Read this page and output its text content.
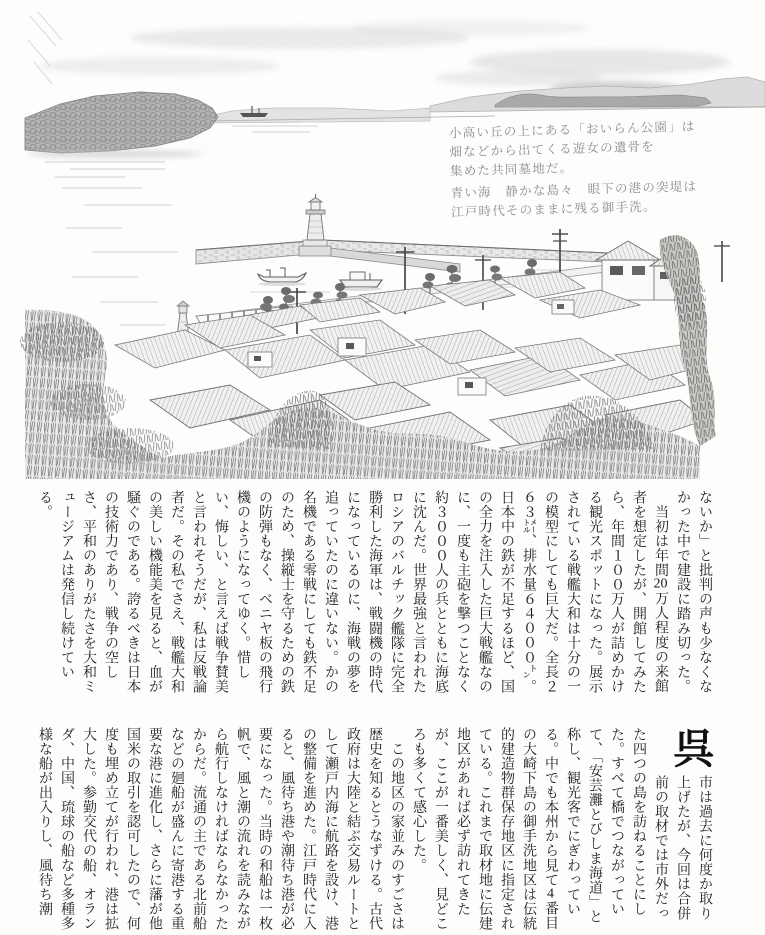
小高い丘の上にある「おいらん公園」は
畑などから出てくる遊女の遺骨を
集めた共同墓地だ。
青い海　静かな島々　眼下の港の突堤は
江戸時代そのままに残る御手洗。

ないか」と批判の声も少なくなかった中で建設に踏み切った。

　当初は年間20万人程度の来館者を想定したが、開館してみたら、年間１００万人が詰めかける観光スポットになった。展示されている戦艦大和は十分の一の模型にしても巨大だ。全長２６３㍍、排水量６４０００㌧。日本中の鉄が不足するほど、国の全力を注入した巨大戦艦なのに、一度も主砲を撃つことなく約３０００人の兵とともに海底に沈んだ。世界最強と言われたロシアのバルチック艦隊に完全勝利した海軍は、戦闘機の時代になっているのに、海戦の夢を追っていたのに違いない。かの名機である零戦にしても鉄不足のため、操縦士を守るための鉄の防弾もなく、ベニヤ板の飛行機のようになってゆく。惜しい、悔しい、と言えば戦争賛美と言われそうだが、私は反戦論者だ。その私でさえ、戦艦大和の美しい機能美を見ると、血が騒ぐのである。誇るべきは日本の技術力であり、戦争の空しさ、平和のありがたさを大和ミュージアムは発信し続けている。

呉
市は過去に何度か取り上げたが、今回は合併前の取材では市外だった四つの島を訪ねることにした。すべて橋でつながっていて、「安芸灘とびしま海道」と称し、観光客でにぎわっている。中でも本州から見て4番目の大崎下島の御手洗地区は伝統的建造物群保存地区に指定されている。これまで取材地に伝建地区があれば必ず訪れてきたが、ここが一番美しく、見どころも多くて感心した。

　この地区の家並みのすごさは歴史を知るとうなずける。古代政府は大陸と結ぶ交易ルートとして瀬戸内海に航路を設け、港の整備を進めた。江戸時代に入ると、風待ち港や潮待ち港が必要になった。当時の和船は一枚帆で、風と潮の流れを読みながら航行しなければならなかったからだ。流通の主である北前船などの廻船が盛んに寄港する重要な港に進化し、さらに藩が他国米の取引を認可したので、何度も埋め立てが行われ、港は拡大した。参勤交代の船、オランダ、中国、琉球の船など多種多様な船が出入りし、風待ち潮
